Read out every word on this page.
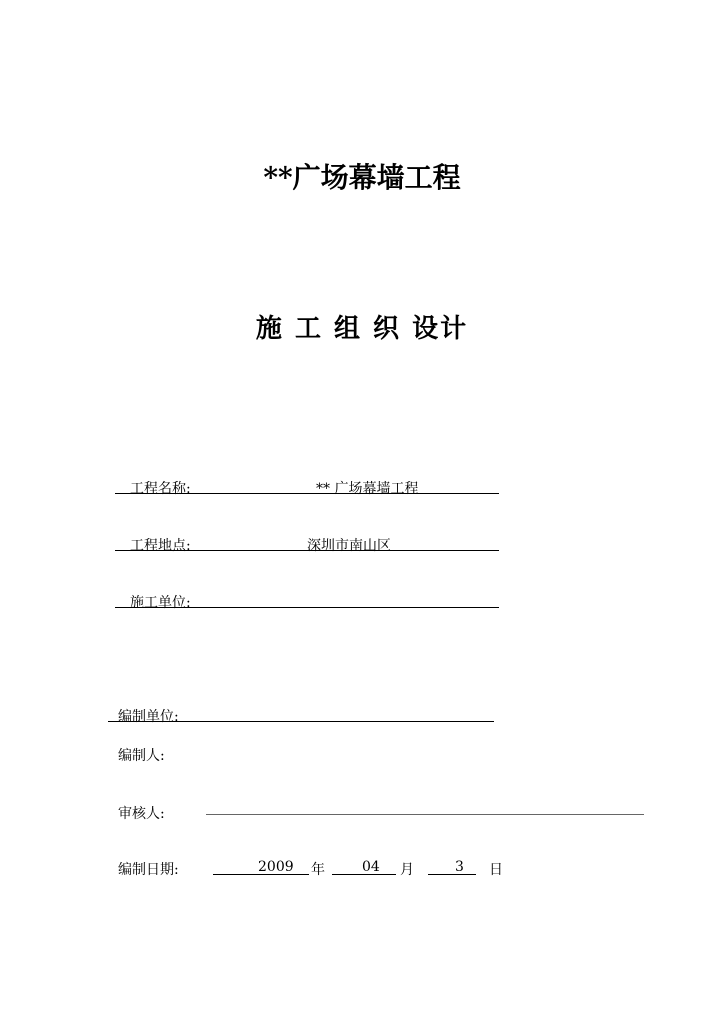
**广场幕墙工程
施 工 组 织 设计
工程名称:	** 广场幕墙工程
工程地点:	深圳市南山区
施工单位:
编制单位:
编制人:
审核人:
编制日期:	2009 年	04 月	3 日
